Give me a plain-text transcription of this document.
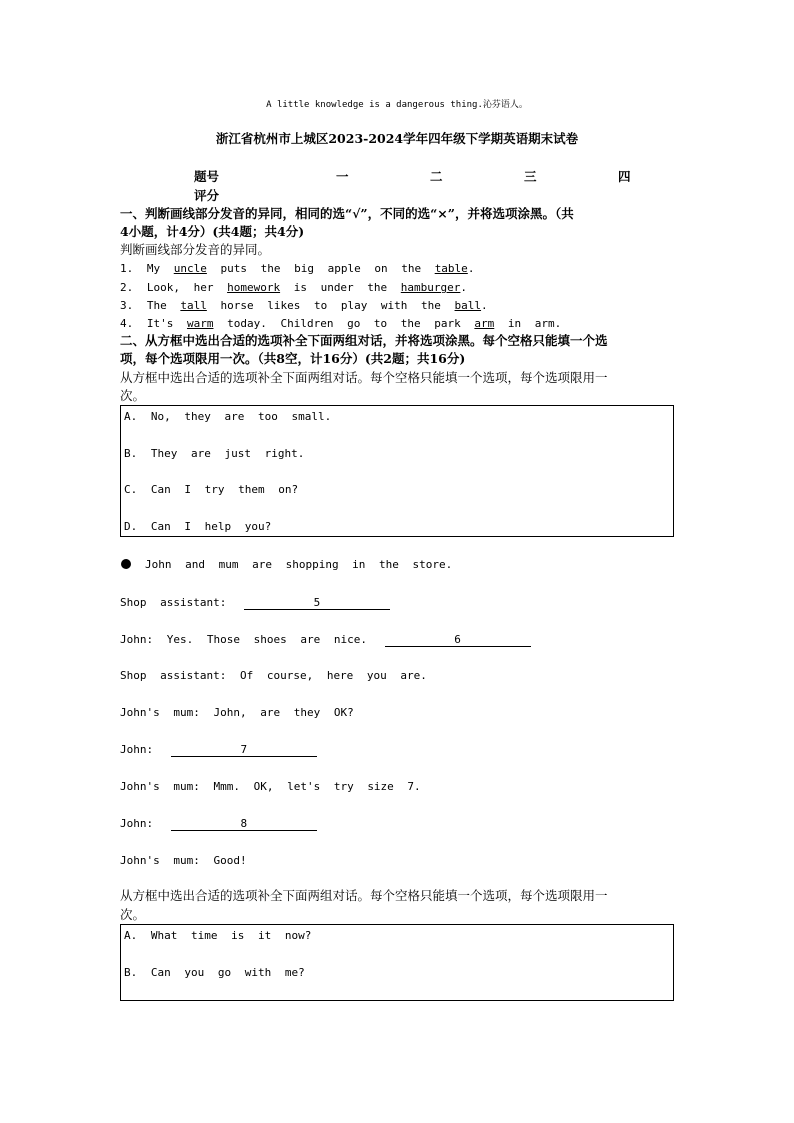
A little knowledge is a dangerous thing.沁芬语人。
浙江省杭州市上城区2023-2024学年四年级下学期英语期末试卷
题号	一	二	三	四
评分
一、判断画线部分发音的异同，相同的选“√”，不同的选“×”，并将选项涂黑。（共
4小题，计4分）(共4题；共4分)
判断画线部分发音的异同。
1. My uncle puts the big apple on the table.
2. Look, her homework is under the hamburger.
3. The tall horse likes to play with the ball.
4. It's warm today. Children go to the park arm in arm.
二、从方框中选出合适的选项补全下面两组对话，并将选项涂黑。每个空格只能填一个选
项，每个选项限用一次。（共8空，计16分）(共2题；共16分)
从方框中选出合适的选项补全下面两组对话。每个空格只能填一个选项，每个选项限用一
次。
A. No, they are too small.
B. They are just right.
C. Can I try them on?
D. Can I help you?
John and mum are shopping in the store.
Shop assistant:	5
John: Yes. Those shoes are nice.	6
Shop assistant: Of course, here you are.
John's mum: John, are they OK?
John:	7
John's mum: Mmm. OK, let's try size 7.
John:	8
John's mum: Good!
从方框中选出合适的选项补全下面两组对话。每个空格只能填一个选项，每个选项限用一
次。
A. What time is it now?
B. Can you go with me?
